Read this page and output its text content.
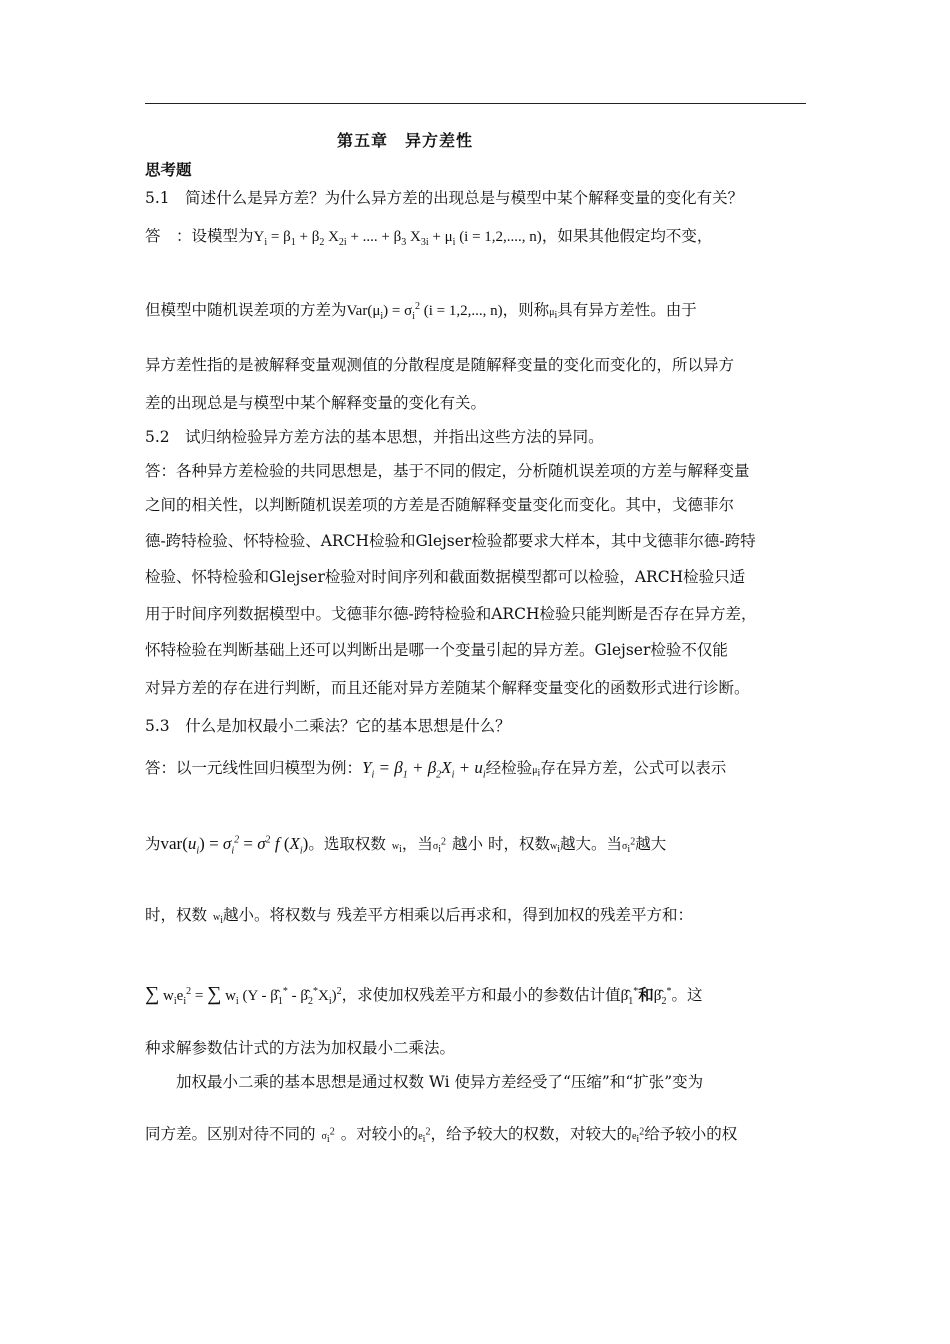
第五章　异方差性
思考题
5.1　简述什么是异方差？为什么异方差的出现总是与模型中某个解释变量的变化有关？
答　：设模型为$Y_i = \beta_1 + \beta_2$ $X_{2i}$ + .... + $\beta_3$ $X_{3i} + \mu_i$ (i = 1,2,...., n)，如果其他假定均不变，
但模型中随机误差项的方差为$Var(\mu_i) = \sigma_i^2$ (i = 1,2,..., n)，则称$\mu_i$具有异方差性。由于
异方差性指的是被解释变量观测值的分散程度是随解释变量的变化而变化的，所以异方
差的出现总是与模型中某个解释变量的变化有关。
5.2　试归纳检验异方差方法的基本思想，并指出这些方法的异同。
答：各种异方差检验的共同思想是，基于不同的假定，分析随机误差项的方差与解释变量
之间的相关性，以判断随机误差项的方差是否随解释变量变化而变化。其中，戈德菲尔
德-跨特检验、怀特检验、ARCH检验和Glejser检验都要求大样本，其中戈德菲尔德-跨特
检验、怀特检验和Glejser检验对时间序列和截面数据模型都可以检验，ARCH检验只适
用于时间序列数据模型中。戈德菲尔德-跨特检验和ARCH检验只能判断是否存在异方差，
怀特检验在判断基础上还可以判断出是哪一个变量引起的异方差。Glejser检验不仅能
对异方差的存在进行判断，而且还能对异方差随某个解释变量变化的函数形式进行诊断。
5.3　什么是加权最小二乘法？它的基本思想是什么？
答：以一元线性回归模型为例：$Y_i = \beta_1 + \beta_2X_i + u_i$经检验$\mu_i$存在异方差，公式可以表示
为$var(u_i) = \sigma_i^2 = \sigma^2$ f $(X_i)$。选取权数 $w_i$，当$\sigma_i^2$ 越小 时，权数$w_i$越大。当$\sigma_i^2$越大
时，权数 $w_i$越小。将权数与 残差平方相乘以后再求和，得到加权的残差平方和：
∑ $w_ie_i^2$ = ∑ $w_i$ ($Y - \betâ_1^*$ - $\betâ_2^*X_i)^2$，求使加权残差平方和最小的参数估计值$\betâ_1^*$和$\betâ_2^*$。这
种求解参数估计式的方法为加权最小二乘法。
加权最小二乘的基本思想是通过权数 Wi 使异方差经受了“压缩”和“扩张”变为
同方差。区别对待不同的 $\sigma_i^2$ 。对较小的$e_i^2$，给予较大的权数，对较大的$e_i^2$给予较小的权
